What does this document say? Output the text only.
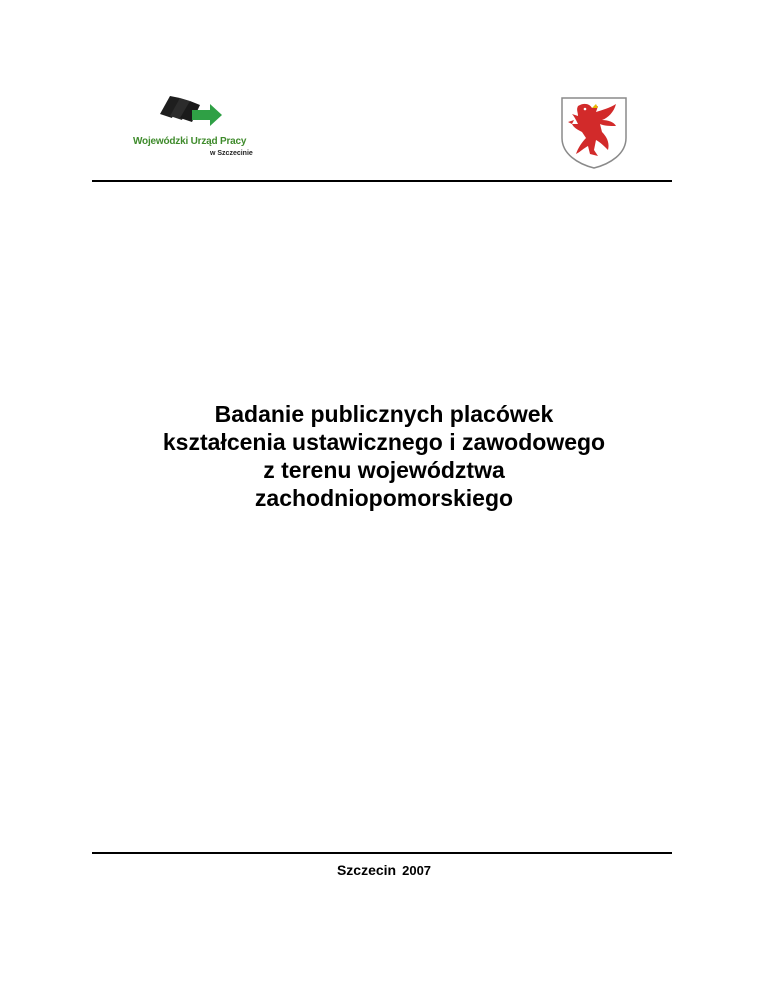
Wojewódzki Urząd Pracy
w Szczecinie
Badanie publicznych placówek
kształcenia ustawicznego i zawodowego
z terenu województwa
zachodniopomorskiego
Szczecin 2007
